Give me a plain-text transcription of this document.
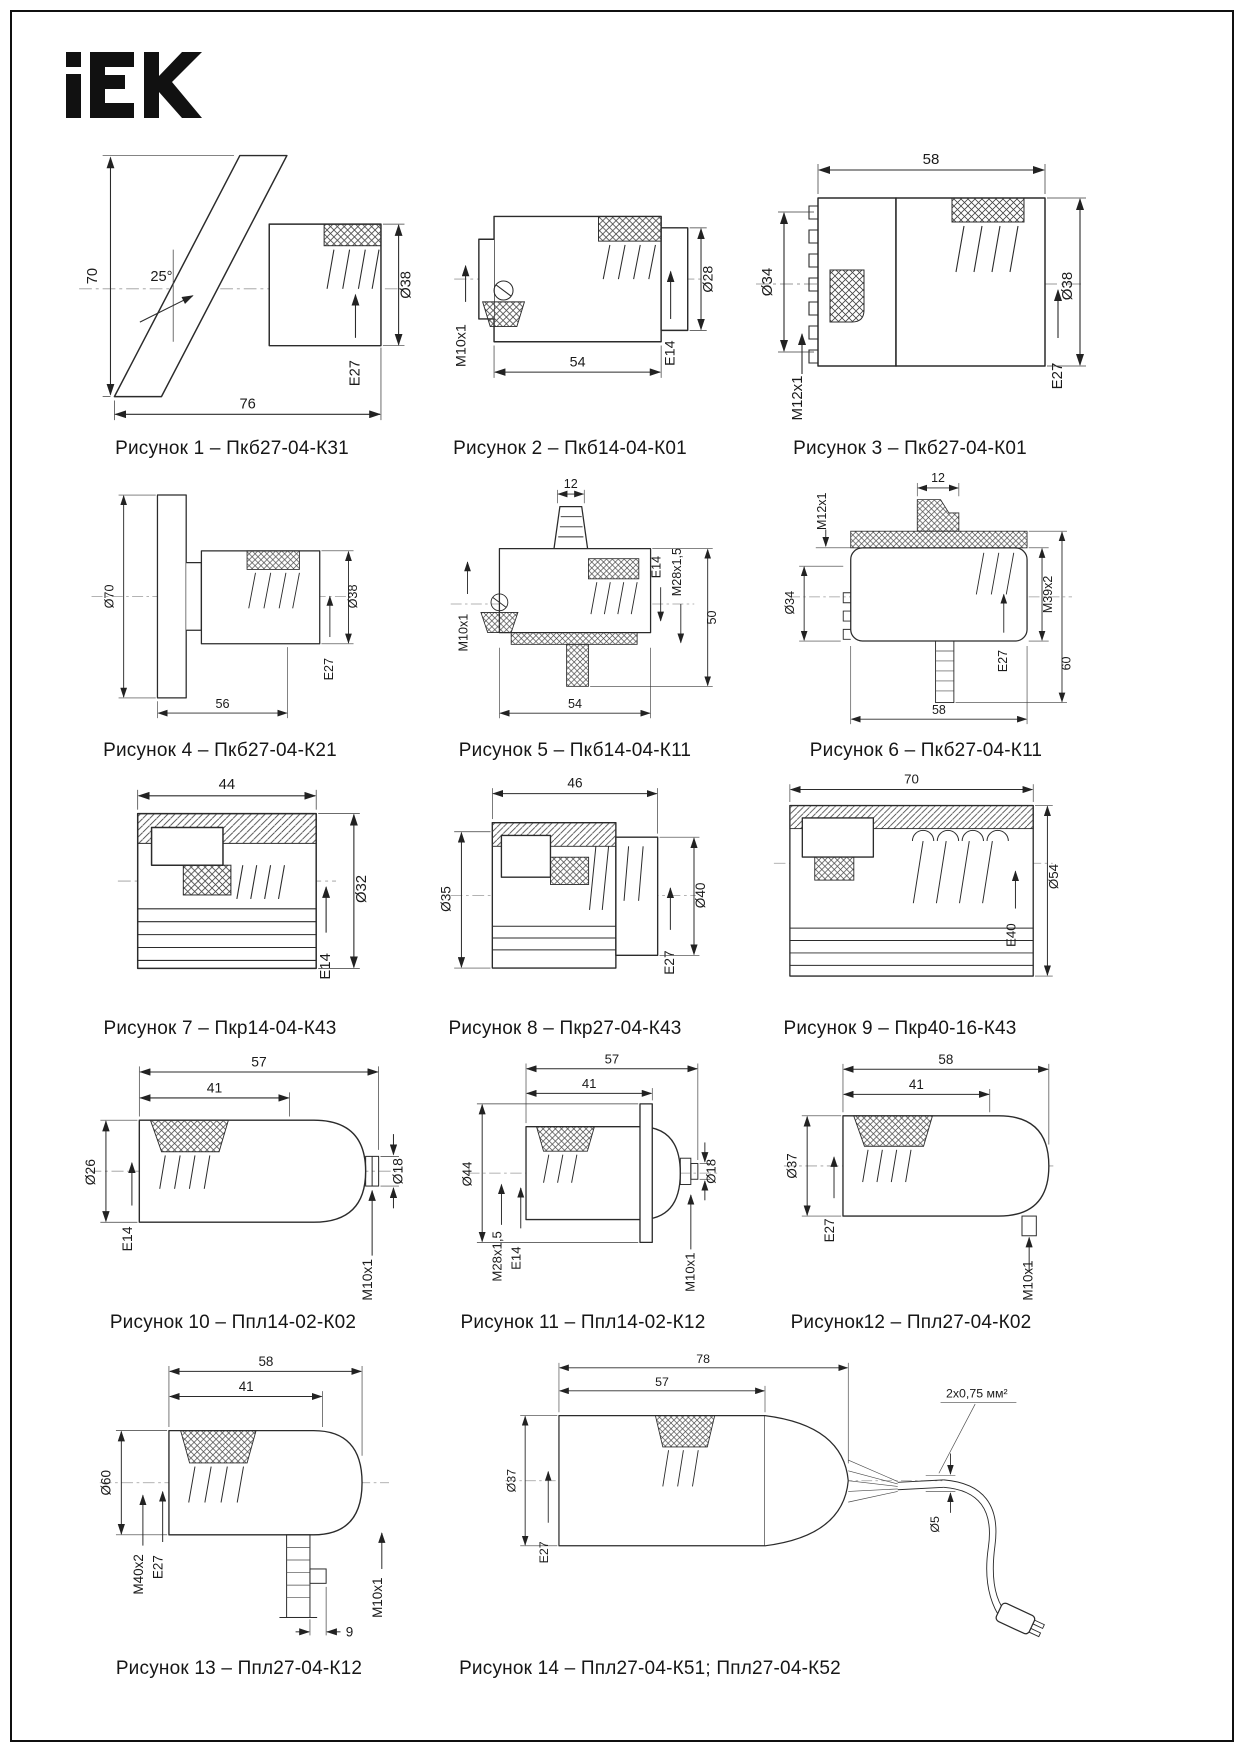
70	25°
76
E27
Ø38
Рисунок 1 – Пкб27-04-К31
M10x1	54	E14
Ø28
Рисунок 2 – Пкб14-04-К01
58
Ø34
M12x1	E27
Ø38
Рисунок 3 – Пкб27-04-К01
Ø70
E27
Ø38
56
Рисунок 4 – Пкб27-04-К21
12
M10x1
E14 M28x1,5
50
54
Рисунок 5 – Пкб14-04-К11
12
M12x1
Ø34
E27
M39x2
60
58
Рисунок 6 – Пкб27-04-К11
44
E14
Ø32
Рисунок 7 – Пкр14-04-К43
46
Ø35
E27
Ø40
Рисунок 8 – Пкр27-04-К43
70
E40
Ø54
Рисунок 9 – Пкр40-16-К43
57
41
Ø26
E14
Ø18
M10x1
Рисунок 10 – Ппл14-02-К02
57
41
Ø44
M28x1,5 E14
Ø18
M10x1
Рисунок 11 – Ппл14-02-К12
58
41
Ø37
E27
M10x1
Рисунок12 – Ппл27-04-К02
58
41
Ø60
M40x2 E27
M10x1
9
Рисунок 13 – Ппл27-04-К12
78
57
Ø37
E27
Ø5
2х0,75 мм²
Рисунок 14 – Ппл27-04-К51; Ппл27-04-К52
